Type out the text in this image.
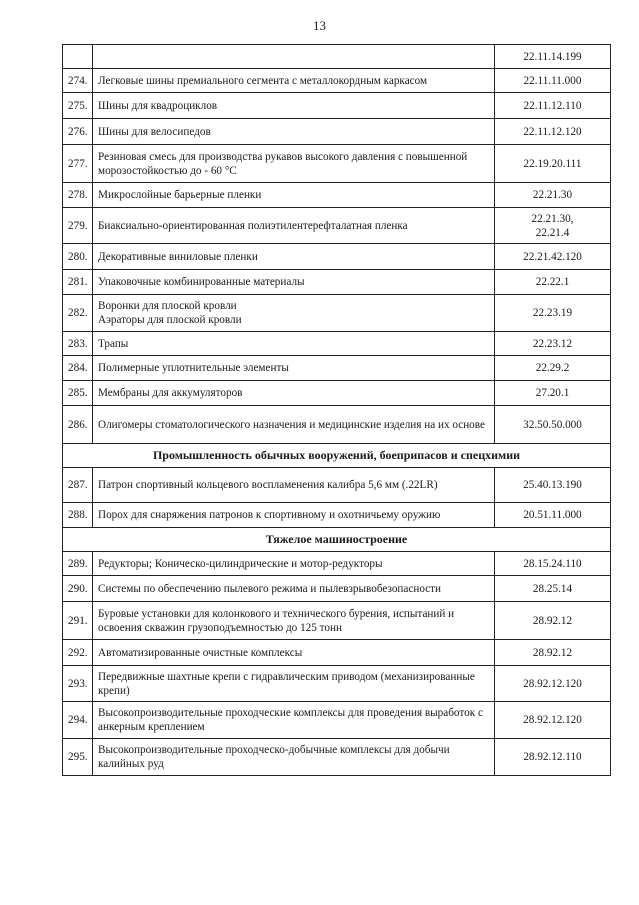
13
		22.11.14.199
274.	Легковые шины премиального сегмента с металлокордным каркасом	22.11.11.000
275.	Шины для квадроциклов	22.11.12.110
276.	Шины для велосипедов	22.11.12.120
277.	Резиновая смесь для производства рукавов высокого давления с повышенной морозостойкостью до - 60 °С	22.19.20.111
278.	Микрослойные барьерные пленки	22.21.30
279.	Биаксиально-ориентированная полиэтилентерефталатная пленка	22.21.30,
22.21.4
280.	Декоративные виниловые пленки	22.21.42.120
281.	Упаковочные комбинированные материалы	22.22.1
282.	Воронки для плоской кровли
Аэраторы для плоской кровли	22.23.19
283.	Трапы	22.23.12
284.	Полимерные уплотнительные элементы	22.29.2
285.	Мембраны для аккумуляторов	27.20.1
286.	Олигомеры стоматологического назначения и медицинские изделия на их основе	32.50.50.000
Промышленность обычных вооружений, боеприпасов и спецхимии		
287.	Патрон спортивный кольцевого воспламенения калибра 5,6 мм (.22LR)	25.40.13.190
288.	Порох для снаряжения патронов к спортивному и охотничьему оружию	20.51.11.000
Тяжелое машиностроение		
289.	Редукторы; Коническо-цилиндрические и мотор-редукторы	28.15.24.110
290.	Системы по обеспечению пылевого режима и пылевзрывобезопасности	28.25.14
291.	Буровые установки для колонкового и технического бурения, испытаний и освоения скважин грузоподъемностью до 125 тонн	28.92.12
292.	Автоматизированные очистные комплексы	28.92.12
293.	Передвижные шахтные крепи с гидравлическим приводом (механизированные крепи)	28.92.12.120
294.	Высокопроизводительные проходческие комплексы для проведения выработок с анкерным креплением	28.92.12.120
295.	Высокопроизводительные проходческо-добычные комплексы для добычи калийных руд	28.92.12.110
